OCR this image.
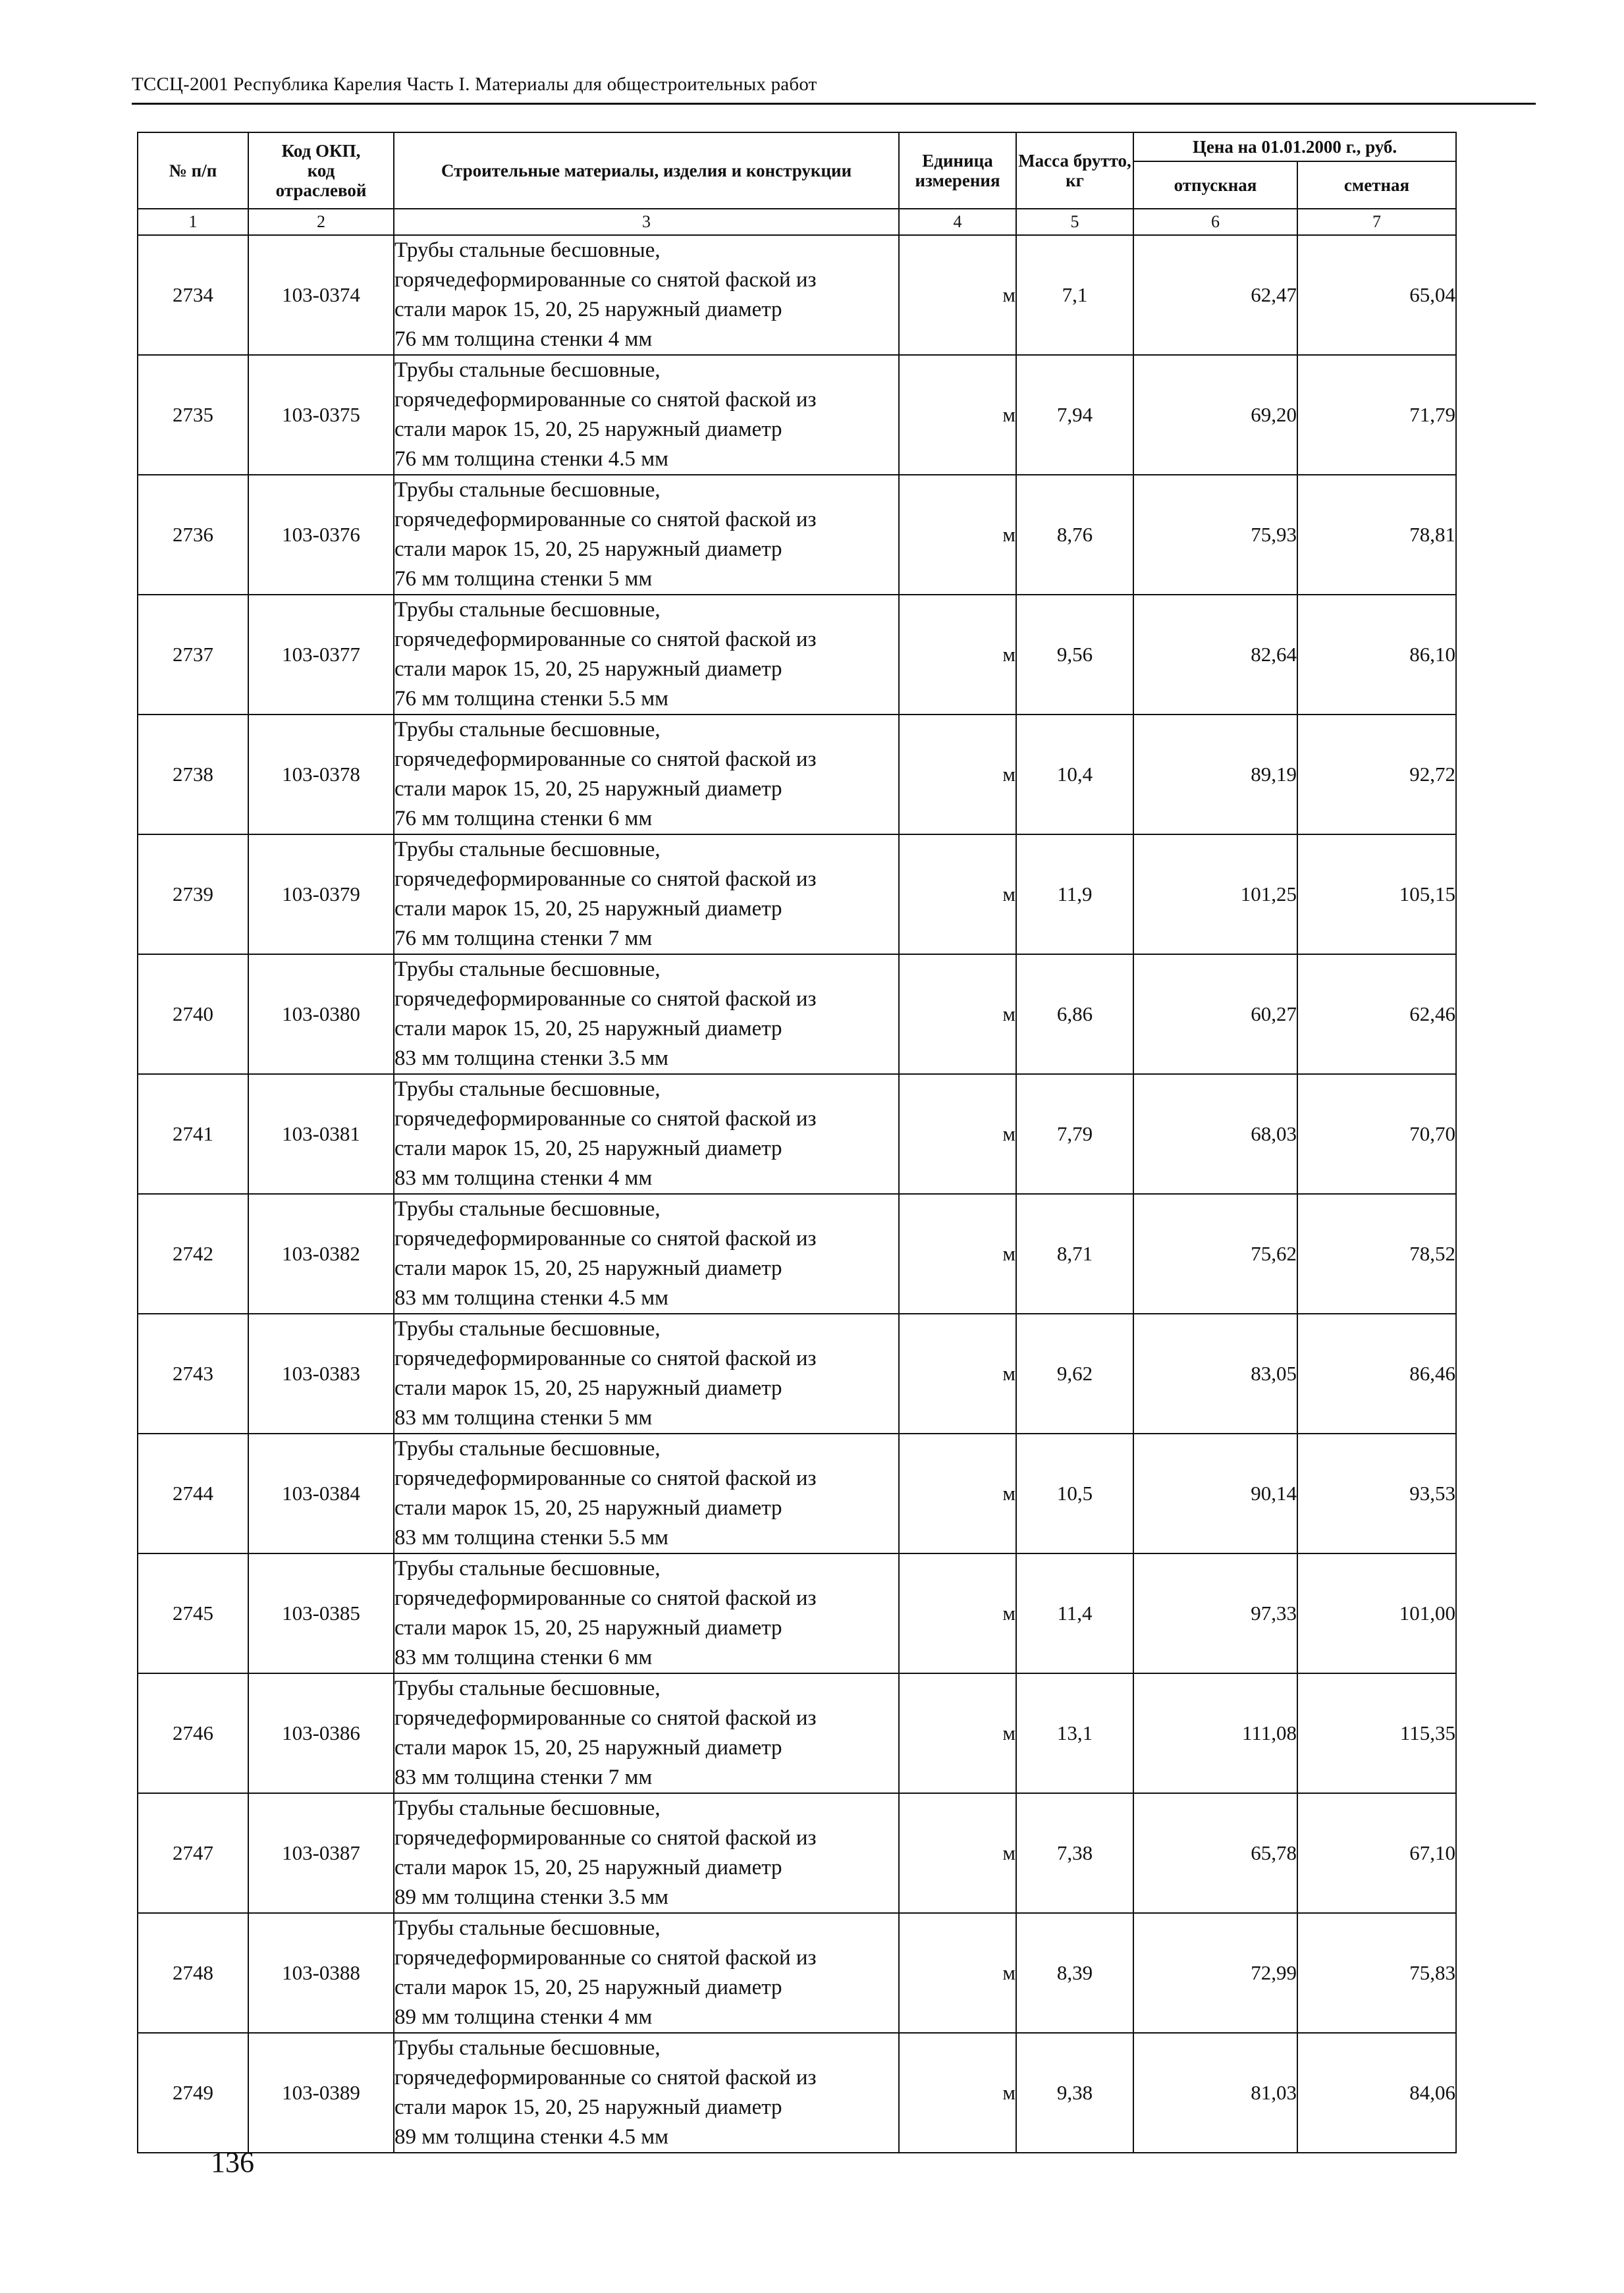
ТССЦ-2001 Республика Карелия Часть I. Материалы для общестроительных работ
№ п/п	Код ОКП,
код
отраслевой	Строительные материалы, изделия и конструкции	Единица измерения	Масса брутто, кг	Цена на 01.01.2000 г., руб.	
					отпускная	сметная
1	2	3	4	5	6	7
2734	103-0374	Трубы стальные бесшовные,
горячедеформированные со снятой фаской из
стали марок 15, 20, 25 наружный диаметр
76 мм толщина стенки 4 мм	м	7,1	62,47	65,04
2735	103-0375	Трубы стальные бесшовные,
горячедеформированные со снятой фаской из
стали марок 15, 20, 25 наружный диаметр
76 мм толщина стенки 4.5 мм	м	7,94	69,20	71,79
2736	103-0376	Трубы стальные бесшовные,
горячедеформированные со снятой фаской из
стали марок 15, 20, 25 наружный диаметр
76 мм толщина стенки 5 мм	м	8,76	75,93	78,81
2737	103-0377	Трубы стальные бесшовные,
горячедеформированные со снятой фаской из
стали марок 15, 20, 25 наружный диаметр
76 мм толщина стенки 5.5 мм	м	9,56	82,64	86,10
2738	103-0378	Трубы стальные бесшовные,
горячедеформированные со снятой фаской из
стали марок 15, 20, 25 наружный диаметр
76 мм толщина стенки 6 мм	м	10,4	89,19	92,72
2739	103-0379	Трубы стальные бесшовные,
горячедеформированные со снятой фаской из
стали марок 15, 20, 25 наружный диаметр
76 мм толщина стенки 7 мм	м	11,9	101,25	105,15
2740	103-0380	Трубы стальные бесшовные,
горячедеформированные со снятой фаской из
стали марок 15, 20, 25 наружный диаметр
83 мм толщина стенки 3.5 мм	м	6,86	60,27	62,46
2741	103-0381	Трубы стальные бесшовные,
горячедеформированные со снятой фаской из
стали марок 15, 20, 25 наружный диаметр
83 мм толщина стенки 4 мм	м	7,79	68,03	70,70
2742	103-0382	Трубы стальные бесшовные,
горячедеформированные со снятой фаской из
стали марок 15, 20, 25 наружный диаметр
83 мм толщина стенки 4.5 мм	м	8,71	75,62	78,52
2743	103-0383	Трубы стальные бесшовные,
горячедеформированные со снятой фаской из
стали марок 15, 20, 25 наружный диаметр
83 мм толщина стенки 5 мм	м	9,62	83,05	86,46
2744	103-0384	Трубы стальные бесшовные,
горячедеформированные со снятой фаской из
стали марок 15, 20, 25 наружный диаметр
83 мм толщина стенки 5.5 мм	м	10,5	90,14	93,53
2745	103-0385	Трубы стальные бесшовные,
горячедеформированные со снятой фаской из
стали марок 15, 20, 25 наружный диаметр
83 мм толщина стенки 6 мм	м	11,4	97,33	101,00
2746	103-0386	Трубы стальные бесшовные,
горячедеформированные со снятой фаской из
стали марок 15, 20, 25 наружный диаметр
83 мм толщина стенки 7 мм	м	13,1	111,08	115,35
2747	103-0387	Трубы стальные бесшовные,
горячедеформированные со снятой фаской из
стали марок 15, 20, 25 наружный диаметр
89 мм толщина стенки 3.5 мм	м	7,38	65,78	67,10
2748	103-0388	Трубы стальные бесшовные,
горячедеформированные со снятой фаской из
стали марок 15, 20, 25 наружный диаметр
89 мм толщина стенки 4 мм	м	8,39	72,99	75,83
2749	103-0389	Трубы стальные бесшовные,
горячедеформированные со снятой фаской из
стали марок 15, 20, 25 наружный диаметр
89 мм толщина стенки 4.5 мм	м	9,38	81,03	84,06
136
